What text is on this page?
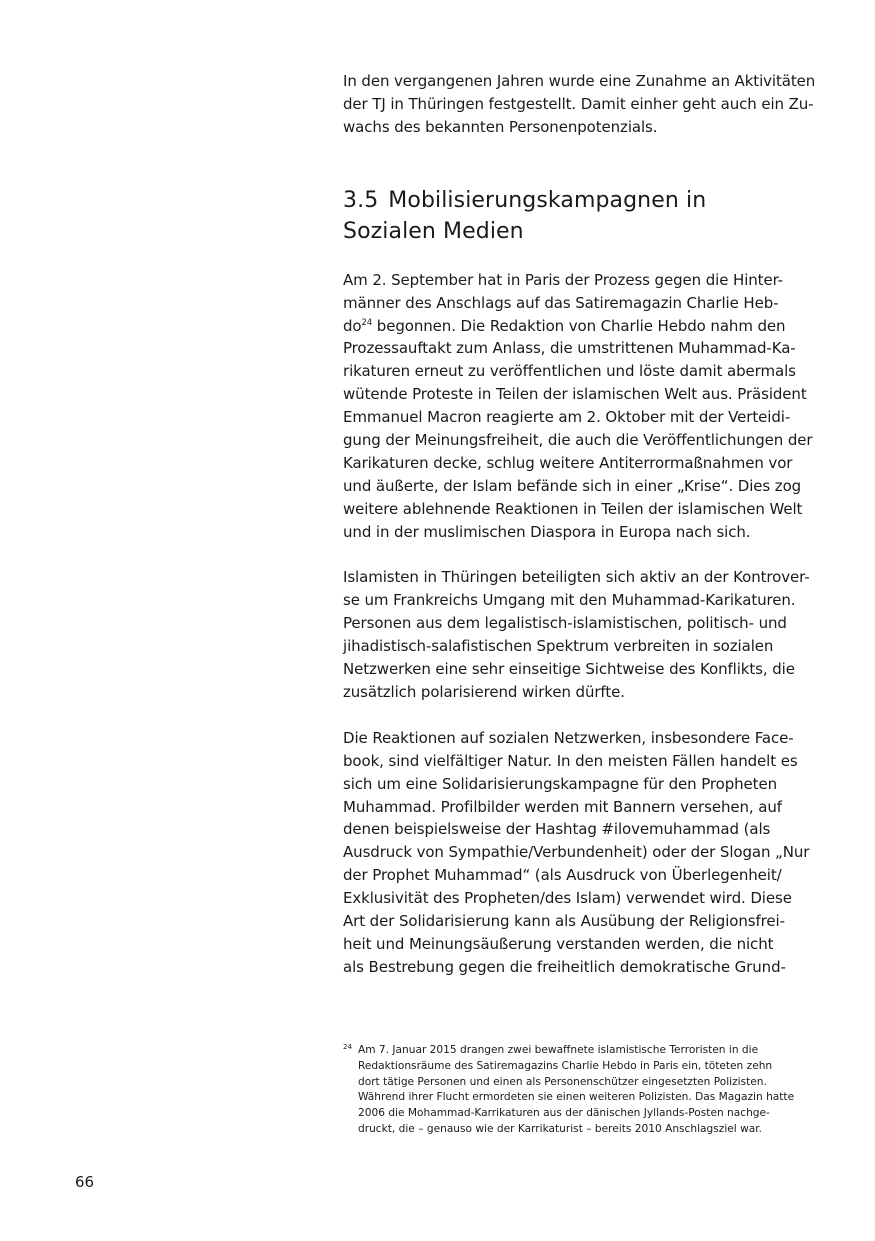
In den vergangenen Jahren wurde eine Zunahme an Aktivitäten
der TJ in Thüringen festgestellt. Damit einher geht auch ein Zu-
wachs des bekannten Personenpotenzials.

3.5 Mobilisierungskampagnen in
Sozialen Medien

Am 2. September hat in Paris der Prozess gegen die Hinter-
männer des Anschlags auf das Satiremagazin Charlie Heb-
do$^{24}$ begonnen. Die Redaktion von Charlie Hebdo nahm den
Prozessauftakt zum Anlass, die umstrittenen Muhammad-Ka-
rikaturen erneut zu veröffentlichen und löste damit abermals
wütende Proteste in Teilen der islamischen Welt aus. Präsident
Emmanuel Macron reagierte am 2. Oktober mit der Verteidi-
gung der Meinungsfreiheit, die auch die Veröffentlichungen der
Karikaturen decke, schlug weitere Antiterrormaßnahmen vor
und äußerte, der Islam befände sich in einer „Krise“. Dies zog
weitere ablehnende Reaktionen in Teilen der islamischen Welt
und in der muslimischen Diaspora in Europa nach sich.

Islamisten in Thüringen beteiligten sich aktiv an der Kontrover-
se um Frankreichs Umgang mit den Muhammad-Karikaturen.
Personen aus dem legalistisch-islamistischen, politisch- und
jihadistisch-salafistischen Spektrum verbreiten in sozialen
Netzwerken eine sehr einseitige Sichtweise des Konflikts, die
zusätzlich polarisierend wirken dürfte.

Die Reaktionen auf sozialen Netzwerken, insbesondere Face-
book, sind vielfältiger Natur. In den meisten Fällen handelt es
sich um eine Solidarisierungskampagne für den Propheten
Muhammad. Profilbilder werden mit Bannern versehen, auf
denen beispielsweise der Hashtag #ilovemuhammad (als
Ausdruck von Sympathie/Verbundenheit) oder der Slogan „Nur
der Prophet Muhammad“ (als Ausdruck von Überlegenheit/
Exklusivität des Propheten/des Islam) verwendet wird. Diese
Art der Solidarisierung kann als Ausübung der Religionsfrei-
heit und Meinungsäußerung verstanden werden, die nicht
als Bestrebung gegen die freiheitlich demokratische Grund-

24 Am 7. Januar 2015 drangen zwei bewaffnete islamistische Terroristen in die
Redaktionsräume des Satiremagazins Charlie Hebdo in Paris ein, töteten zehn
dort tätige Personen und einen als Personenschützer eingesetzten Polizisten.
Während ihrer Flucht ermordeten sie einen weiteren Polizisten. Das Magazin hatte
2006 die Mohammad-Karrikaturen aus der dänischen Jyllands-Posten nachge-
druckt, die – genauso wie der Karrikaturist – bereits 2010 Anschlagsziel war.
66
